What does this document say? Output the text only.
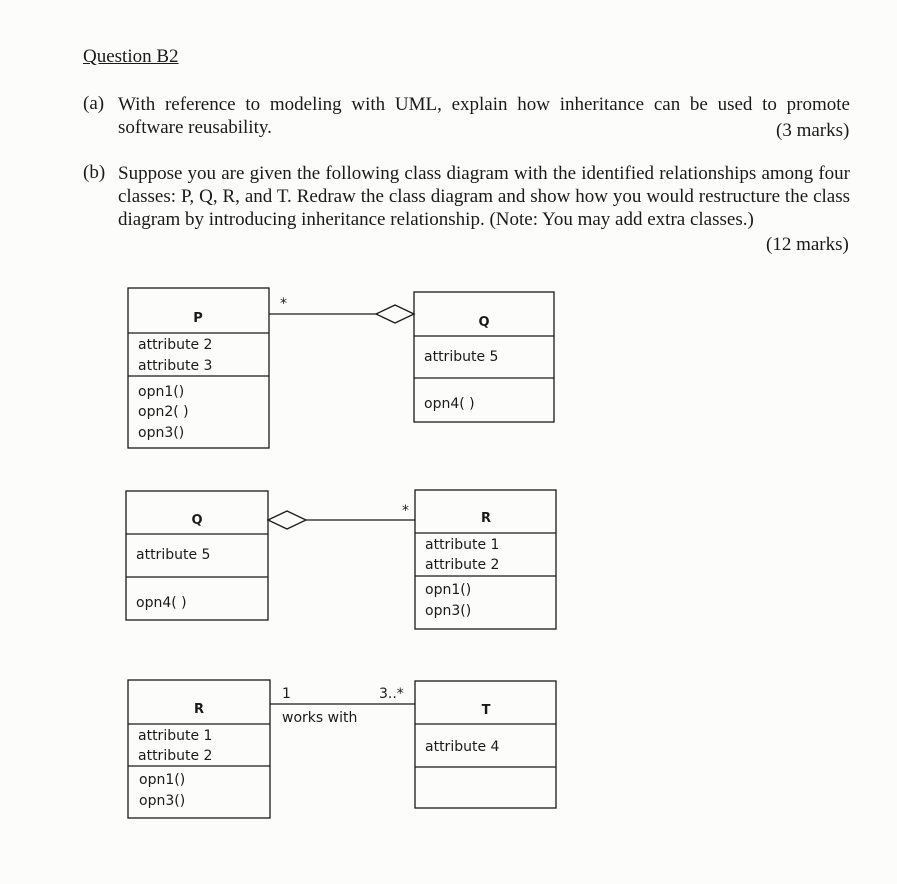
Question B2
(a) With reference to modeling with UML, explain how inheritance can be used to promote software reusability.	(3 marks)
(b) Suppose you are given the following class diagram with the identified relationships among four classes: P, Q, R, and T. Redraw the class diagram and show how you would restructure the class diagram by introducing inheritance relationship. (Note: You may add extra classes.)
(12 marks)
P
attribute 2
attribute 3
opn1()
opn2( )
opn3()
Q
attribute 5
opn4( )
*
Q
attribute 5
opn4( )
R
attribute 1
attribute 2
opn1()
opn3()
*
R
attribute 1
attribute 2
opn1()
opn3()
T
attribute 4
1	3..*
works with
